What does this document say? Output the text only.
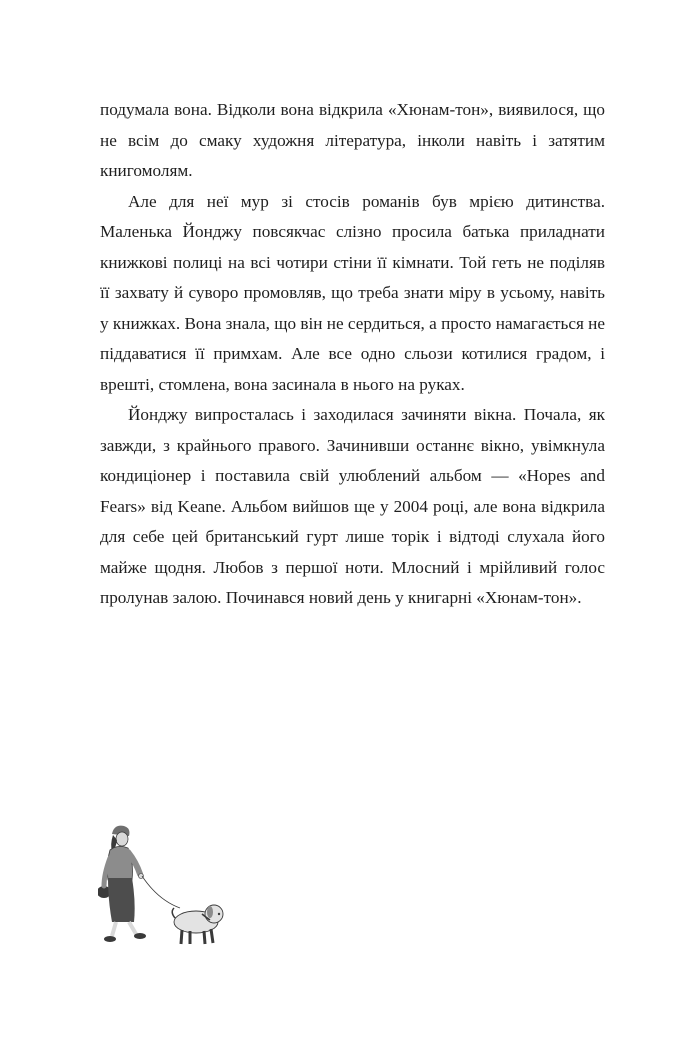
подумала вона. Відколи вона відкрила «Хюнам-тон», виявилося, що не всім до смаку художня література, інколи навіть і затятим книгомолям.

Але для неї мур зі стосів романів був мрією дитинства. Маленька Йонджу повсякчас слізно просила батька приладнати книжкові полиці на всі чотири стіни її кімнати. Той геть не поділяв її захвату й суворо промовляв, що треба знати міру в усьому, навіть у книжках. Вона знала, що він не сердиться, а просто намагається не піддаватися її примхам. Але все одно сльози котилися градом, і врешті, стомлена, вона засинала в нього на руках.

Йонджу випросталась і заходилася зачиняти вікна. Почала, як завжди, з крайнього правого. Зачинивши останнє вікно, увімкнула кондиціонер і поставила свій улюблений альбом — «Hopes and Fears» від Keane. Альбом вийшов ще у 2004 році, але вона відкрила для себе цей британський гурт лише торік і відтоді слухала його майже щодня. Любов з першої ноти. Млосний і мрійливий голос пролунав залою. Починався новий день у книгарні «Хюнам-тон».
